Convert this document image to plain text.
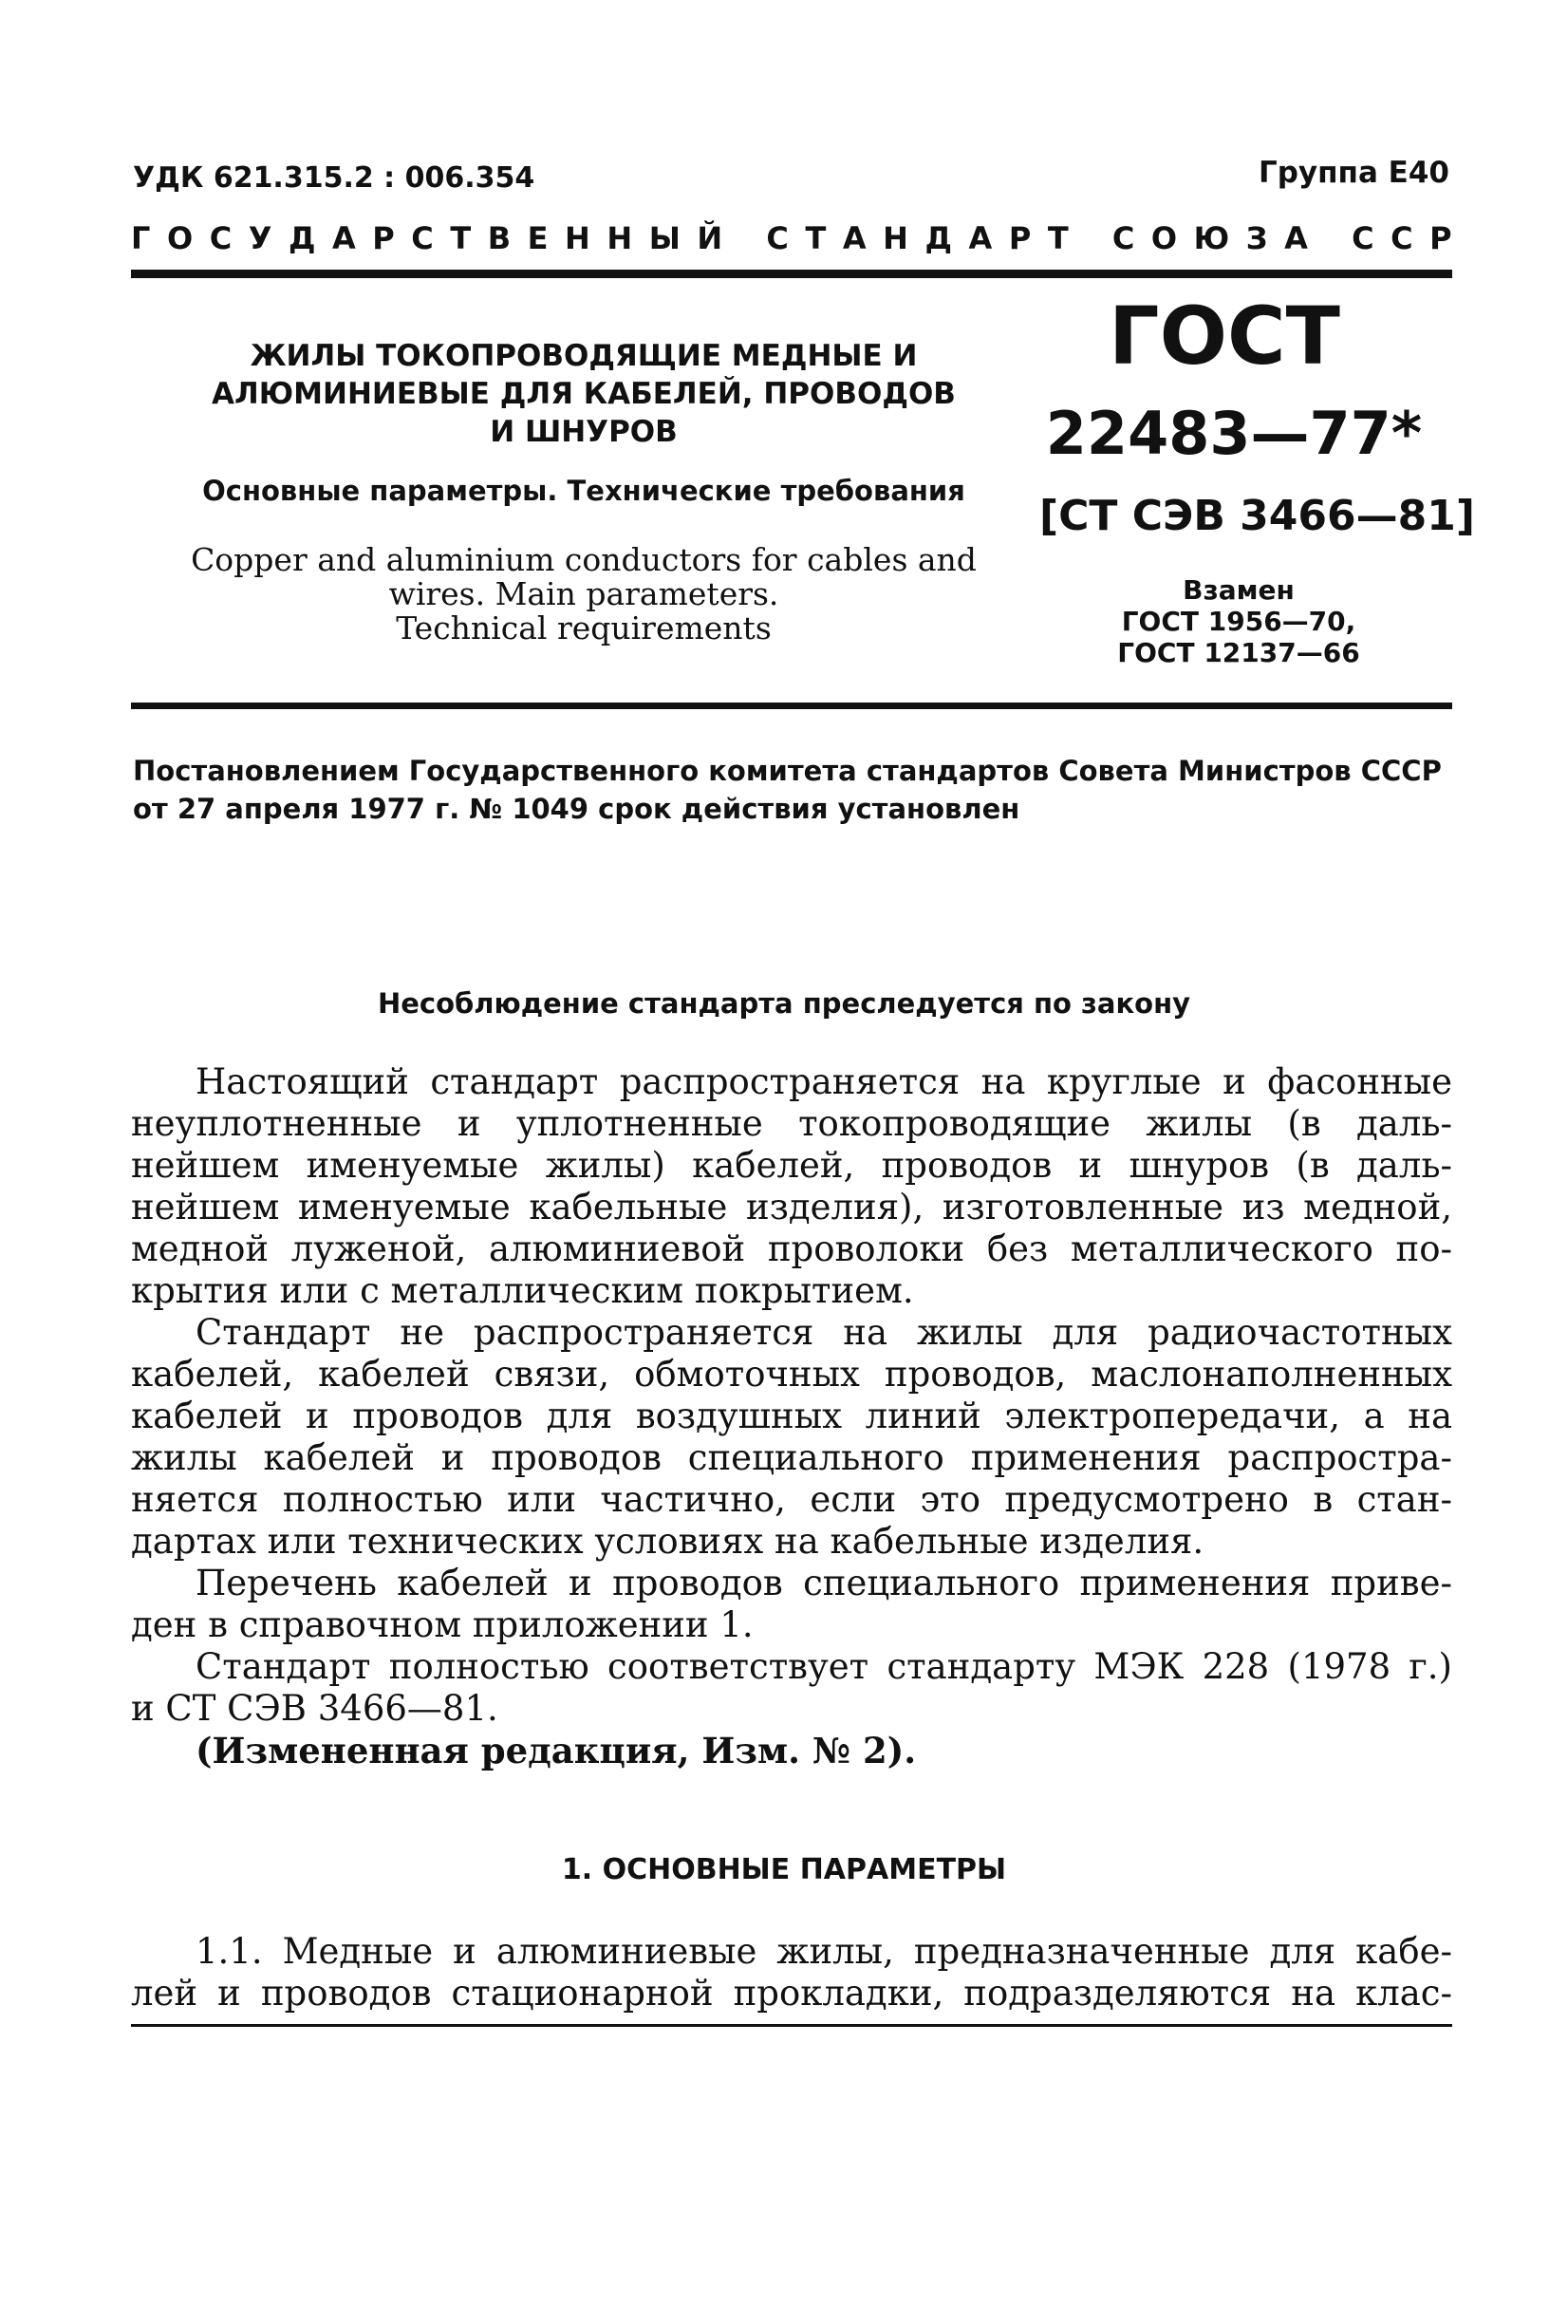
УДК 621.315.2 : 006.354	Группа Е40
Г О С У Д А Р С Т В Е Н Н Ы Й
С Т А Н Д А Р Т
С О Ю З А
С С Р
ЖИЛЫ ТОКОПРОВОДЯЩИЕ МЕДНЫЕ И
АЛЮМИНИЕВЫЕ ДЛЯ КАБЕЛЕЙ, ПРОВОДОВ
И ШНУРОВ
Основные параметры. Технические требования
Copper and aluminium conductors for cables and
wires. Main parameters.
Technical requirements
ГОСТ
22483—77*
[СТ СЭВ 3466—81]
Взамен
ГОСТ 1956—70,
ГОСТ 12137—66
Постановлением Государственного комитета стандартов Совета Министров СССР
от 27 апреля 1977 г. № 1049 срок действия установлен
Несоблюдение стандарта преследуется по закону

Настоящий стандарт распространяется на круглые и фасонные
неуплотненные и уплотненные токопроводящие жилы (в даль-
нейшем именуемые жилы) кабелей, проводов и шнуров (в даль-
нейшем именуемые кабельные изделия), изготовленные из медной,
медной луженой, алюминиевой проволоки без металлического по-
крытия или с металлическим покрытием.

Стандарт не распространяется на жилы для радиочастотных
кабелей, кабелей связи, обмоточных проводов, маслонаполненных
кабелей и проводов для воздушных линий электропередачи, а на
жилы кабелей и проводов специального применения распростра-
няется полностью или частично, если это предусмотрено в стан-
дартах или технических условиях на кабельные изделия.

Перечень кабелей и проводов специального применения приве-
ден в справочном приложении 1.

Стандарт полностью соответствует стандарту МЭК 228 (1978 г.)
и СТ СЭВ 3466—81.

(Измененная редакция, Изм. № 2).

1. ОСНОВНЫЕ ПАРАМЕТРЫ
1.1. Медные и алюминиевые жилы, предназначенные для кабе-
лей и проводов стационарной прокладки, подразделяются на клас-
